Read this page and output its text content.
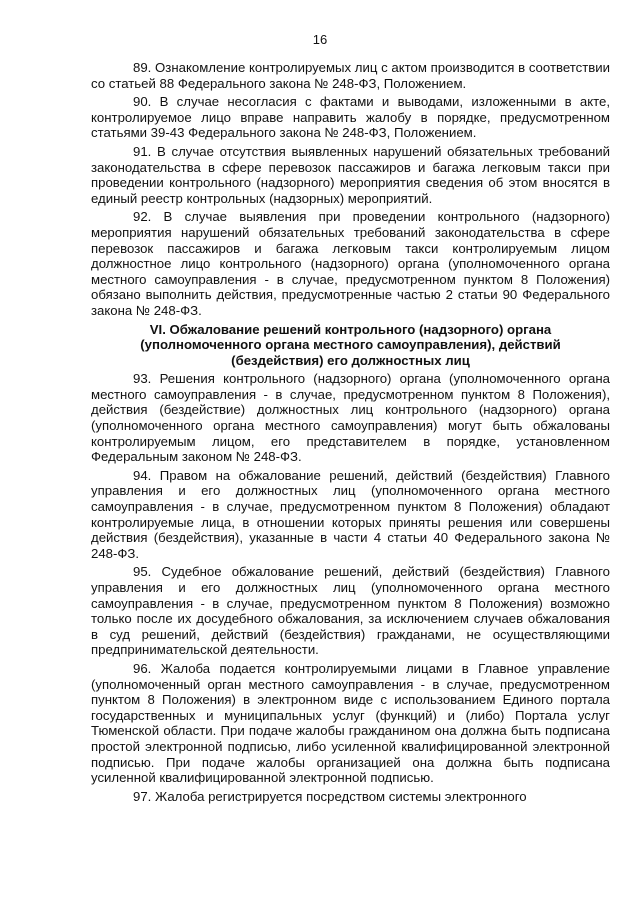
16

89. Ознакомление контролируемых лиц с актом производится в соответствии со статьей 88 Федерального закона № 248-ФЗ, Положением.

90. В случае несогласия с фактами и выводами, изложенными в акте, контролируемое лицо вправе направить жалобу в порядке, предусмотренном статьями 39-43 Федерального закона № 248-ФЗ, Положением.

91. В случае отсутствия выявленных нарушений обязательных требований законодательства в сфере перевозок пассажиров и багажа легковым такси при проведении контрольного (надзорного) мероприятия сведения об этом вносятся в единый реестр контрольных (надзорных) мероприятий.

92. В случае выявления при проведении контрольного (надзорного) мероприятия нарушений обязательных требований законодательства в сфере перевозок пассажиров и багажа легковым такси контролируемым лицом должностное лицо контрольного (надзорного) органа (уполномоченного органа местного самоуправления - в случае, предусмотренном пунктом 8 Положения) обязано выполнить действия, предусмотренные частью 2 статьи 90 Федерального закона № 248-ФЗ.

VI. Обжалование решений контрольного (надзорного) органа (уполномоченного органа местного самоуправления), действий (бездействия) его должностных лиц

93. Решения контрольного (надзорного) органа (уполномоченного органа местного самоуправления - в случае, предусмотренном пунктом 8 Положения), действия (бездействие) должностных лиц контрольного (надзорного) органа (уполномоченного органа местного самоуправления) могут быть обжалованы контролируемым лицом, его представителем в порядке, установленном Федеральным законом № 248-ФЗ.

94. Правом на обжалование решений, действий (бездействия) Главного управления и его должностных лиц (уполномоченного органа местного самоуправления - в случае, предусмотренном пунктом 8 Положения) обладают контролируемые лица, в отношении которых приняты решения или совершены действия (бездействия), указанные в части 4 статьи 40 Федерального закона № 248-ФЗ.

95. Судебное обжалование решений, действий (бездействия) Главного управления и его должностных лиц (уполномоченного органа местного самоуправления - в случае, предусмотренном пунктом 8 Положения) возможно только после их досудебного обжалования, за исключением случаев обжалования в суд решений, действий (бездействия) гражданами, не осуществляющими предпринимательской деятельности.

96. Жалоба подается контролируемыми лицами в Главное управление (уполномоченный орган местного самоуправления - в случае, предусмотренном пунктом 8 Положения) в электронном виде с использованием Единого портала государственных и муниципальных услуг (функций) и (либо) Портала услуг Тюменской области. При подаче жалобы гражданином она должна быть подписана простой электронной подписью, либо усиленной квалифицированной электронной подписью. При подаче жалобы организацией она должна быть подписана усиленной квалифицированной электронной подписью.

97. Жалоба регистрируется посредством системы электронного
